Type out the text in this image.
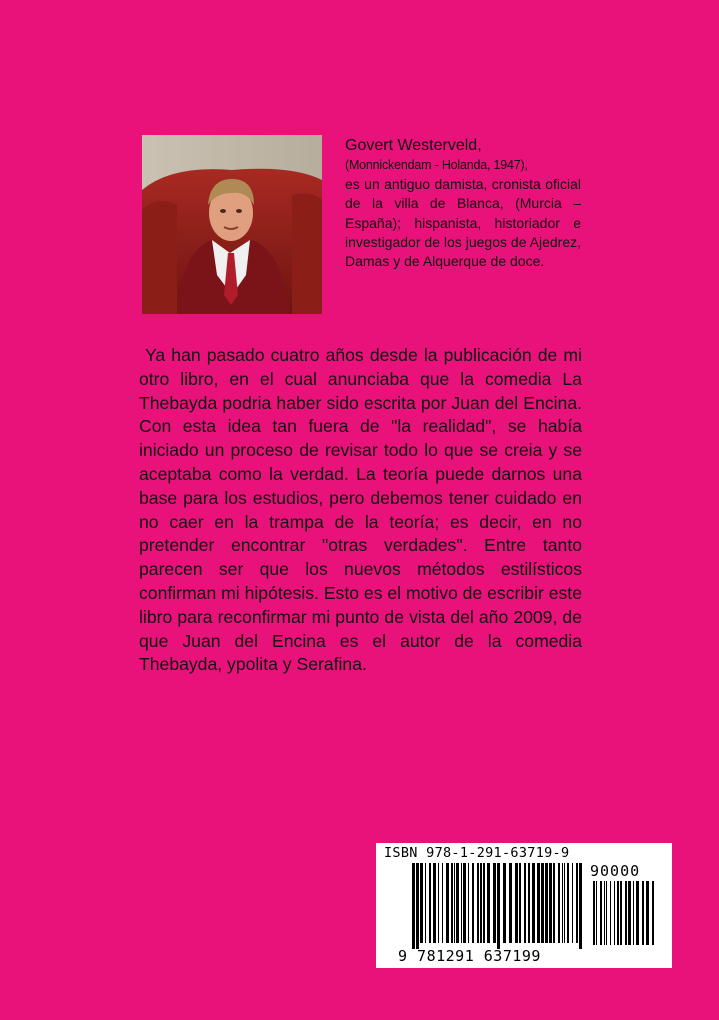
Govert Westerveld,
(Monnickendam - Holanda, 1947),
es un antiguo damista, cronista oficial de la villa de Blanca, (Murcia – España); hispanista, historiador e investigador de los juegos de Ajedrez, Damas y de Alquerque de doce.
Ya han pasado cuatro años desde la publicación de mi otro libro, en el cual anunciaba que la comedia La Thebayda podria haber sido escrita por Juan del Encina. Con esta idea tan fuera de "la realidad", se había iniciado un proceso de revisar todo lo que se creia y se aceptaba como la verdad. La teoría puede darnos una base para los estudios, pero debemos tener cuidado en no caer en la trampa de la teoría; es decir, en no pretender encontrar "otras verdades". Entre tanto parecen ser que los nuevos métodos estilísticos confirman mi hipótesis. Esto es el motivo de escribir este libro para reconfirmar mi punto de vista del año 2009, de que Juan del Encina es el autor de la comedia Thebayda, ypolita y Serafina.
ISBN 978-1-291-63719-9
90000
9 781291 637199
